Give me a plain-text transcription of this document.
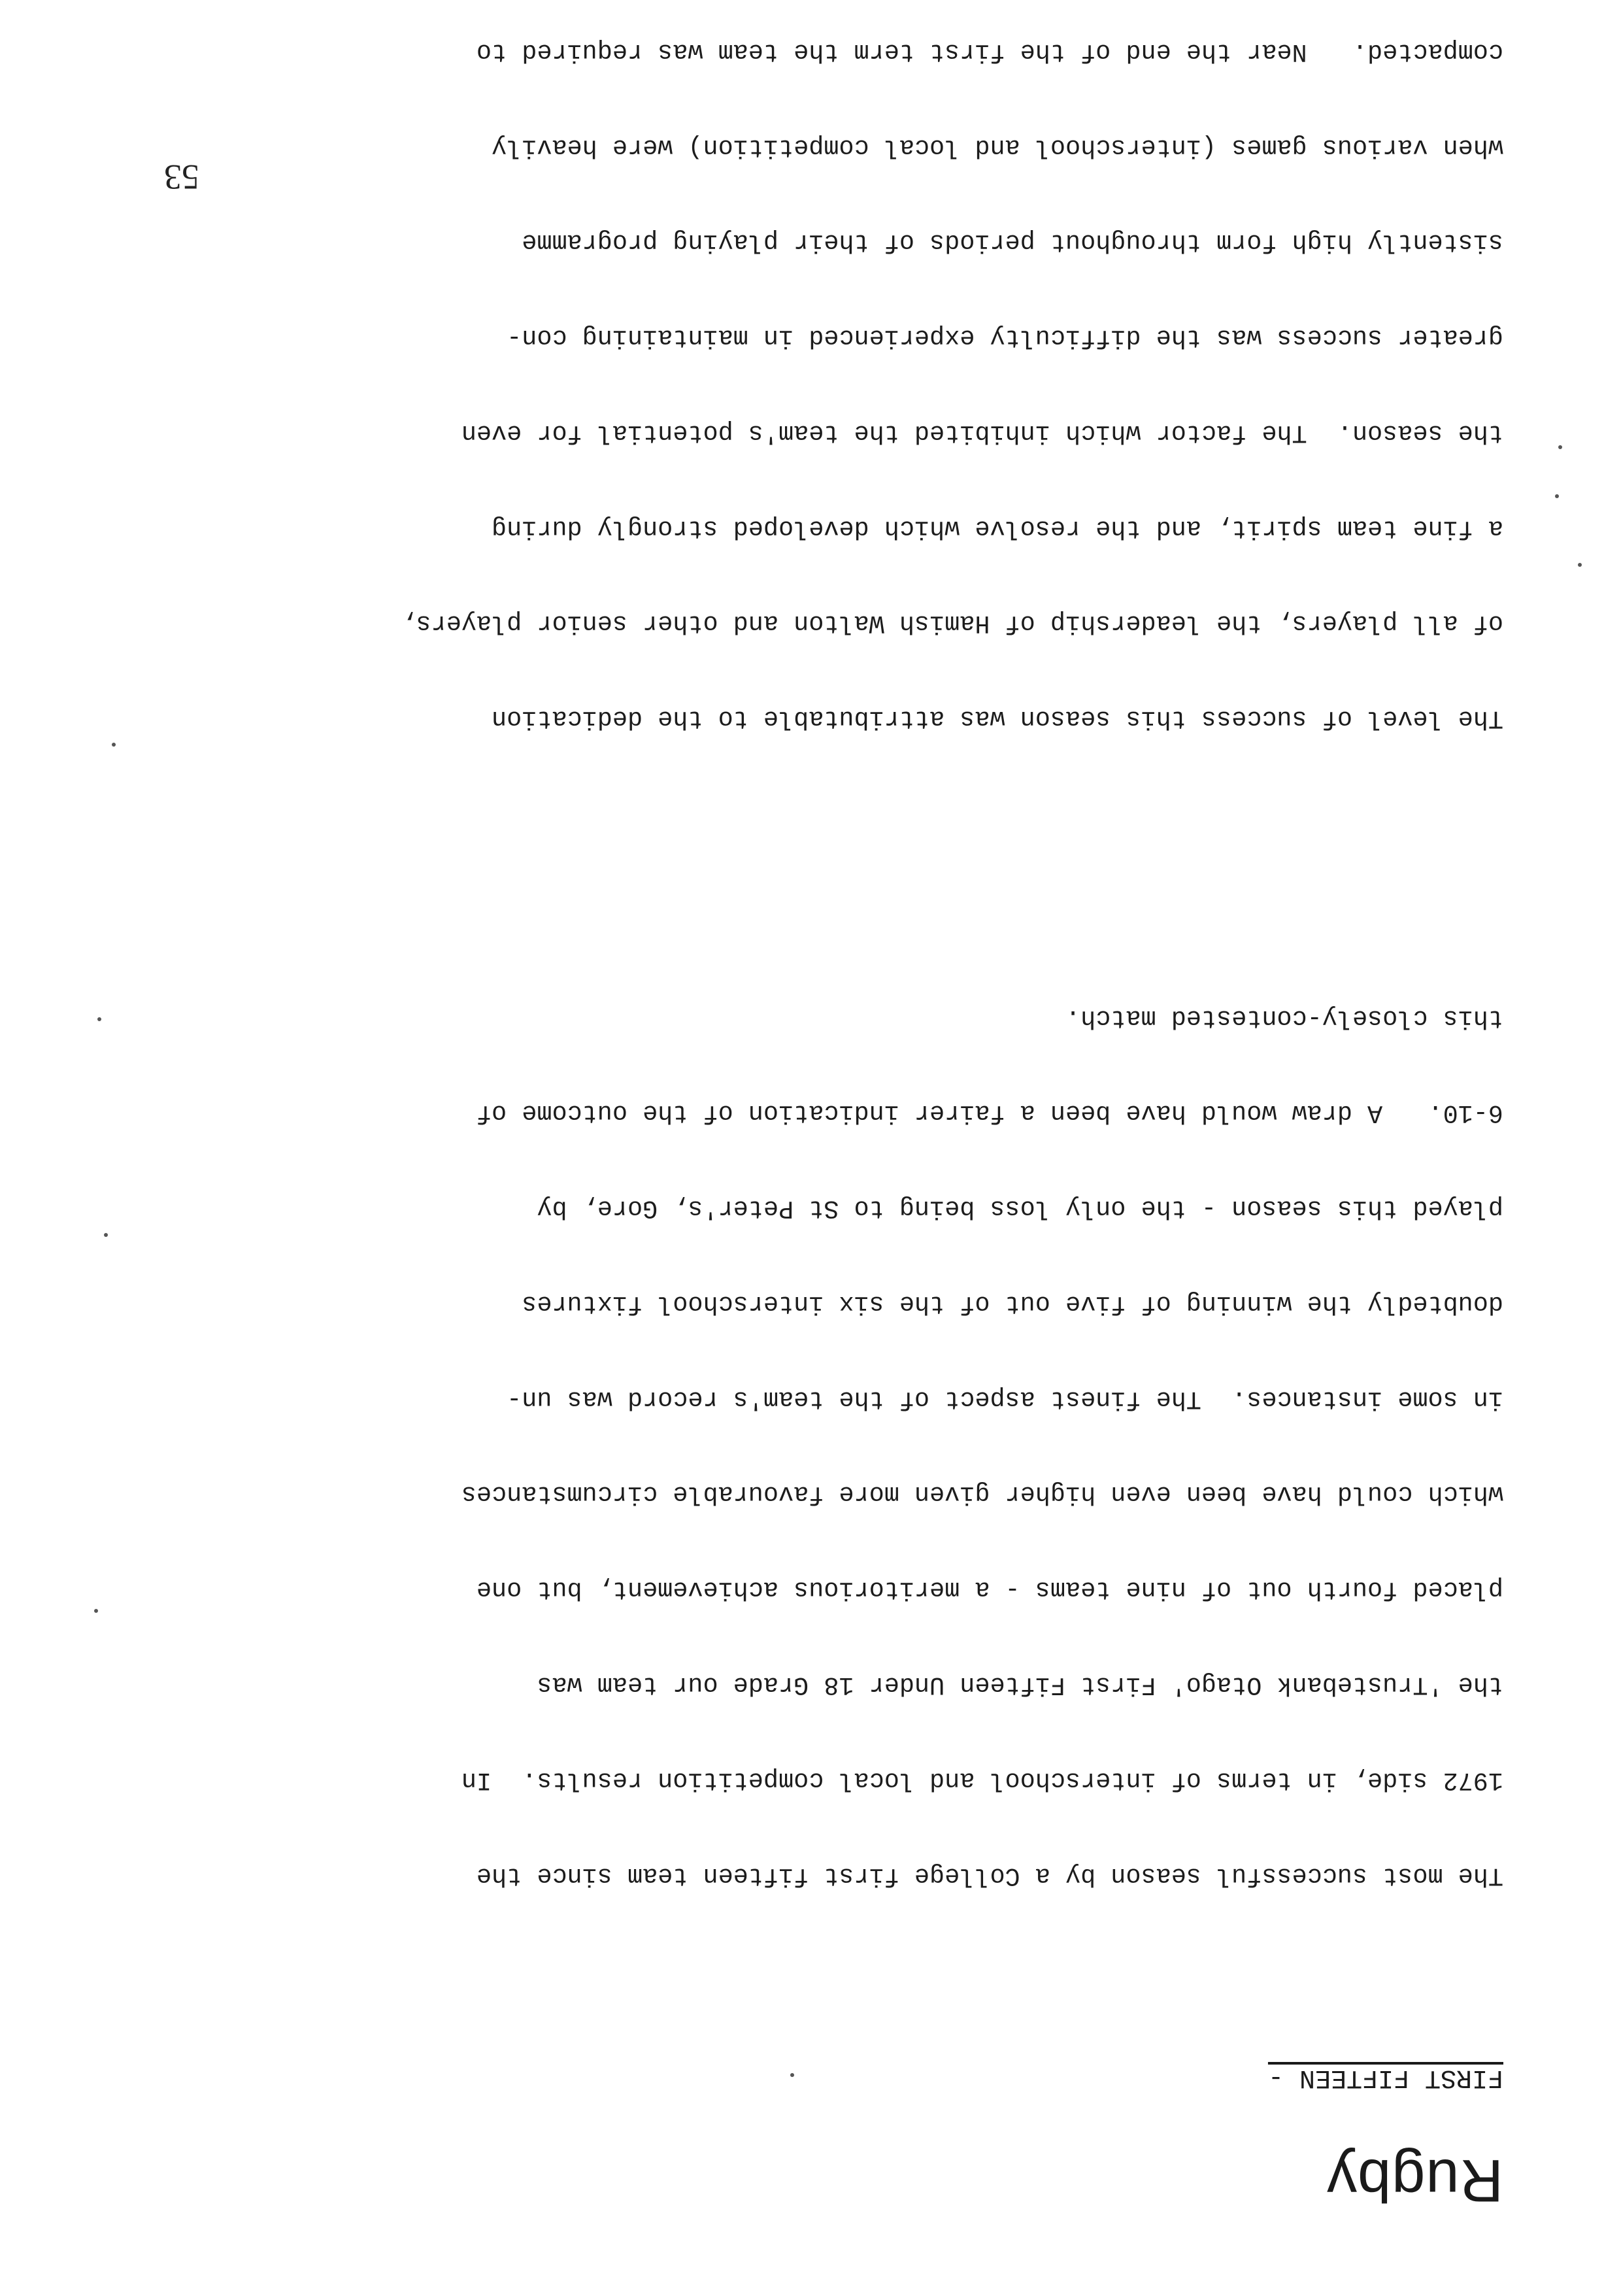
53
Rugby
FIRST FIFTEEN -

The most successful season by a College first fifteen team since the

1972 side, in terms of interschool and local competition results.  In

the 'Trustebank Otago' First Fifteen Under 18 Grade our team was

placed fourth out of nine teams - a meritorious achievement, but one

which could have been even higher given more favourable circumstances

in some instances.  The finest aspect of the team's record was un-

doubtedly the winning of five out of the six interschool fixtures

played this season - the only loss being to St Peter's, Gore, by

6-10.   A draw would have been a fairer indication of the outcome of

this closely-contested match.

The level of success this season was attributable to the dedication

of all players, the leadership of Hamish Walton and other senior players,

a fine team spirit, and the resolve which developed strongly during

the season.  The factor which inhibited the team's potential for even

greater success was the difficulty experienced in maintaining con-

sistently high form throughout periods of their playing programme

when various games (interschool and local competition) were heavily

compacted.   Near the end of the first term the team was required to
